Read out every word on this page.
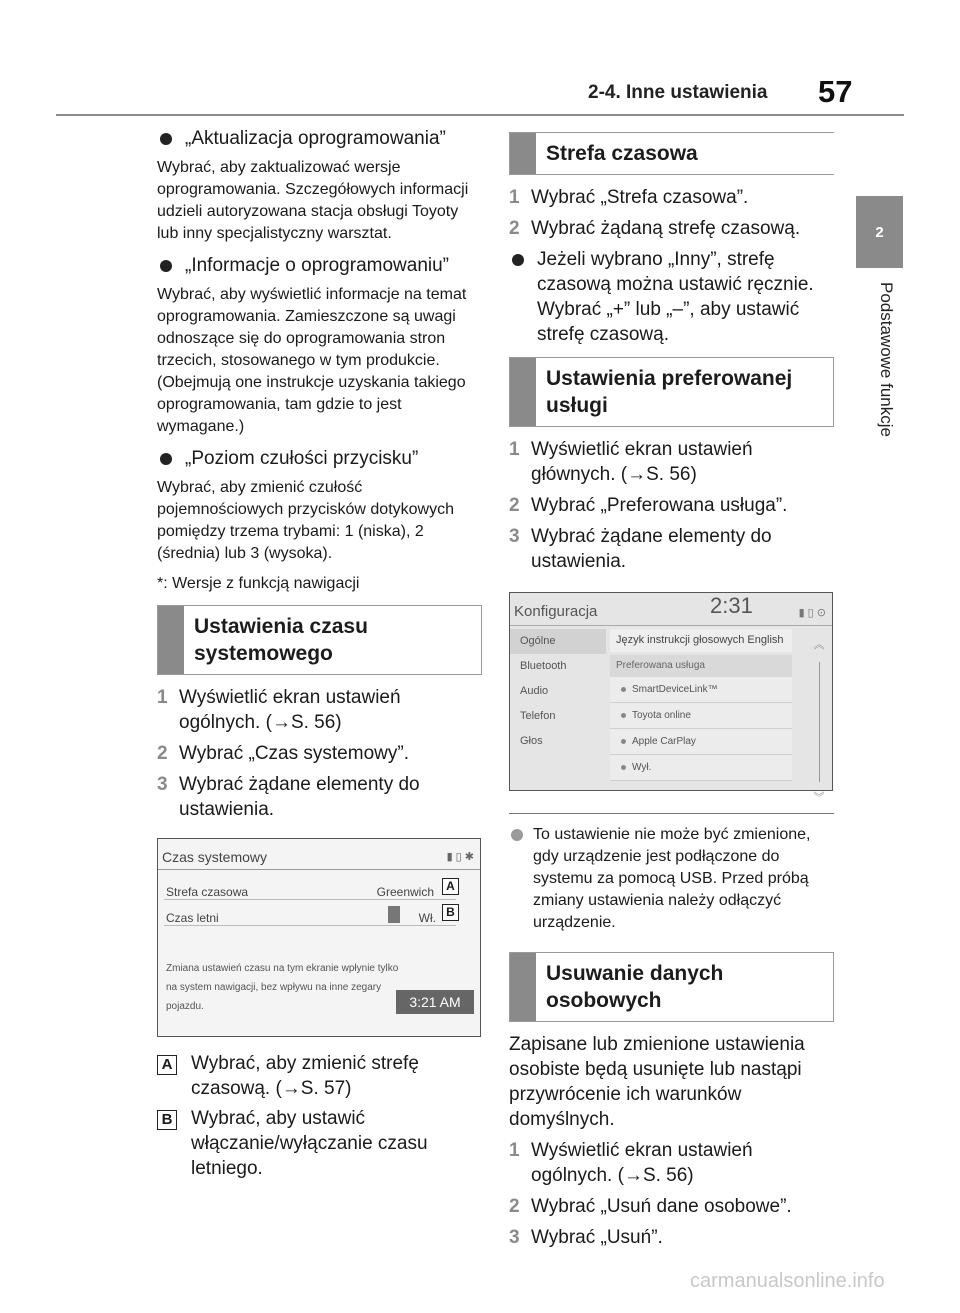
2-4. Inne ustawienia 57
2
Podstawowe funkcje
„Aktualizacja oprogramowania”
Wybrać, aby zaktualizować wersje oprogramowania. Szczegółowych informacji udzieli autoryzowana stacja obsługi Toyoty lub inny specjalistyczny warsztat.
„Informacje o oprogramowaniu”
Wybrać, aby wyświetlić informacje na temat oprogramowania. Zamieszczone są uwagi odnoszące się do oprogramowania stron trzecich, stosowanego w tym produkcie. (Obejmują one instrukcje uzyskania takiego oprogramowania, tam gdzie to jest wymagane.)
„Poziom czułości przycisku”
Wybrać, aby zmienić czułość pojemnościowych przycisków dotykowych pomiędzy trzema trybami: 1 (niska), 2 (średnia) lub 3 (wysoka).
*: Wersje z funkcją nawigacji
Ustawienia czasu systemowego
1 Wyświetlić ekran ustawień ogólnych. (→S. 56)
2 Wybrać „Czas systemowy”.
3 Wybrać żądane elementy do ustawienia.
Czas systemowy	▮ ▯ ✱
Strefa czasowa	Greenwich	A
Czas letni	Wł. B
Zmiana ustawień czasu na tym ekranie wpłynie tylko na system nawigacji, bez wpływu na inne zegary pojazdu.	3:21 AM
A Wybrać, aby zmienić strefę czasową. (→S. 57)
B Wybrać, aby ustawić włączanie/wyłączanie czasu letniego.
Strefa czasowa
1 Wybrać „Strefa czasowa”.
2 Wybrać żądaną strefę czasową.
Jeżeli wybrano „Inny”, strefę czasową można ustawić ręcznie. Wybrać „+” lub „–”, aby ustawić strefę czasową.
Ustawienia preferowanej usługi
1 Wyświetlić ekran ustawień głównych. (→S. 56)
2 Wybrać „Preferowana usługa”.
3 Wybrać żądane elementy do ustawienia.
Konfiguracja	2:31	▮ ▯ ⊙
Ogólne
Bluetooth
Audio
Telefon
Głos
Język instrukcji głosowych English
Preferowana usługa
SmartDeviceLink™
Toyota online
Apple CarPlay
Wył.
︽
︾
To ustawienie nie może być zmienione, gdy urządzenie jest podłączone do systemu za pomocą USB. Przed próbą zmiany ustawienia należy odłączyć urządzenie.
Usuwanie danych osobowych
Zapisane lub zmienione ustawienia osobiste będą usunięte lub nastąpi przywrócenie ich warunków domyślnych.
1 Wyświetlić ekran ustawień ogólnych. (→S. 56)
2 Wybrać „Usuń dane osobowe”.
3 Wybrać „Usuń”.
carmanualsonline.info
